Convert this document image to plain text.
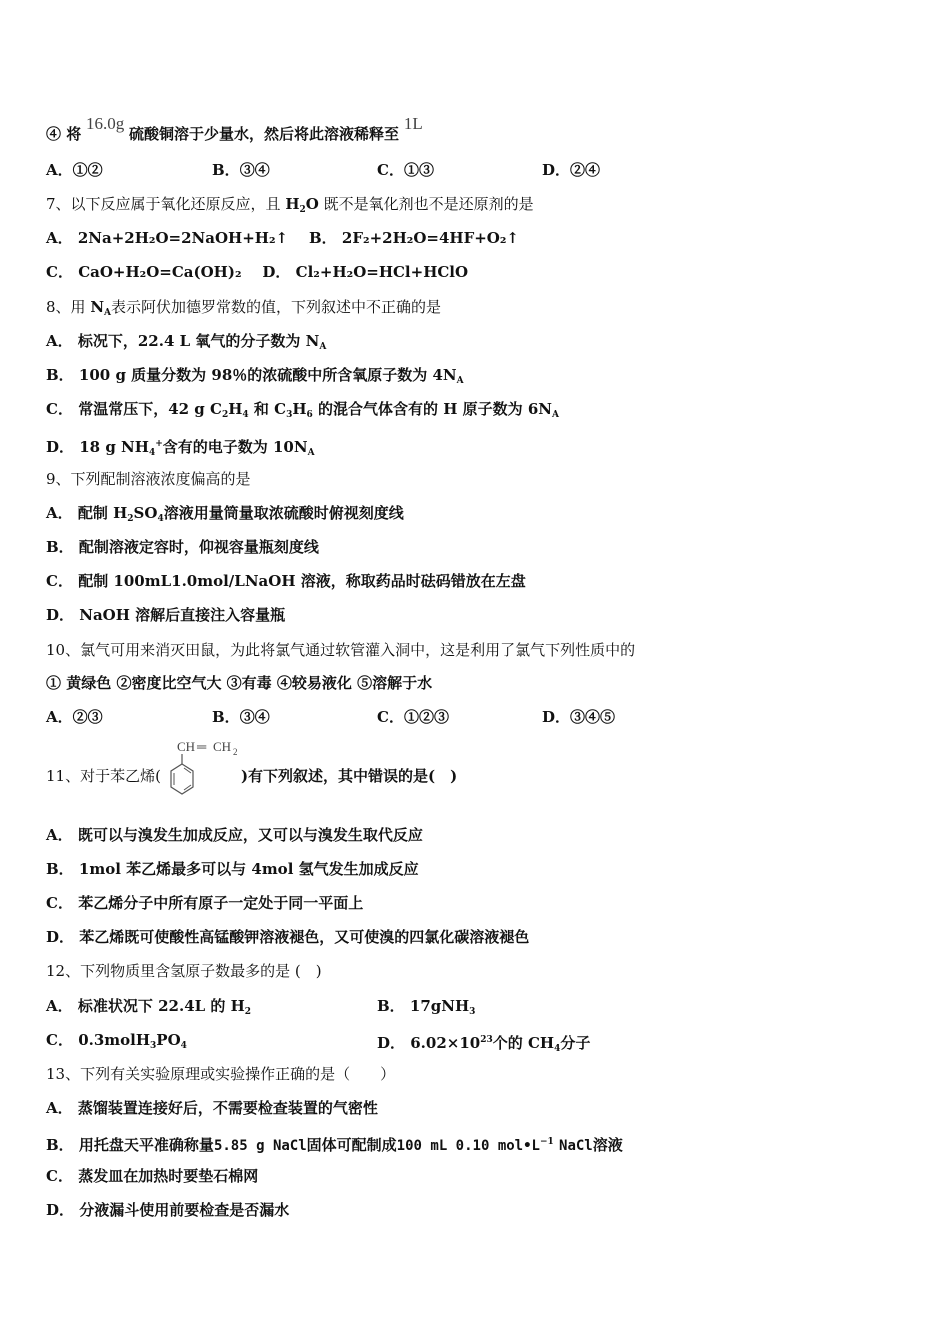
④ 将 16.0g 硫酸铜溶于少量水，然后将此溶液稀释至 1L
A．①②	B．③④	C．①③	D．②④
7、以下反应属于氧化还原反应，且 $H_2O$ 既不是氧化剂也不是还原剂的是
A． 2Na+2H₂O=2NaOH+H₂↑ B． 2F₂+2H₂O=4HF+O₂↑
C． CaO+H₂O=Ca(OH)₂ D． Cl₂+H₂O=HCl+HClO
8、用 $N_A$表示阿伏加德罗常数的值，下列叙述中不正确的是
A． 标况下，22.4 L 氧气的分子数为 $N_A$
B． 100 g 质量分数为 98％的浓硫酸中所含氧原子数为 $4N_A$
C． 常温常压下，42 g $C_2H_4$ 和 $C_3H_6$ 的混合气体含有的 H 原子数为 $6N_A$
D． 18 g $NH_4^+$含有的电子数为 $10N_A$
9、下列配制溶液浓度偏高的是
A． 配制 $H_2SO_4$溶液用量筒量取浓硫酸时俯视刻度线
B． 配制溶液定容时，仰视容量瓶刻度线
C． 配制 100mL1.0mol/LNaOH 溶液，称取药品时砝码错放在左盘
D． NaOH 溶解后直接注入容量瓶
10、氯气可用来消灭田鼠，为此将氯气通过软管灌入洞中，这是利用了氯气下列性质中的
① 黄绿色 ②密度比空气大 ③有毒 ④较易液化 ⑤溶解于水
A．②③	B．③④	C．①②③	D．③④⑤
11、对于苯乙烯(	)有下列叙述，其中错误的是(　)
CH ═ CH 2
A． 既可以与溴发生加成反应，又可以与溴发生取代反应
B． 1mol 苯乙烯最多可以与 4mol 氢气发生加成反应
C． 苯乙烯分子中所有原子一定处于同一平面上
D． 苯乙烯既可使酸性高锰酸钾溶液褪色，又可使溴的四氯化碳溶液褪色
12、下列物质里含氢原子数最多的是 (　)
A． 标准状况下 22.4L 的 $H_2$	B． 17gNH$_3$
C． $0.3molH_3PO_4$	D． $6.02\times 10^{23}$个的 $CH_4$分子
13、下列有关实验原理或实验操作正确的是（　　）
A． 蒸馏装置连接好后，不需要检查装置的气密性
B． 用托盘天平准确称量5.85 g NaCl固体可配制成100 mL 0.10 $mol•L^{-1}$ NaCl溶液
C． 蒸发皿在加热时要垫石棉网
D． 分液漏斗使用前要检查是否漏水
